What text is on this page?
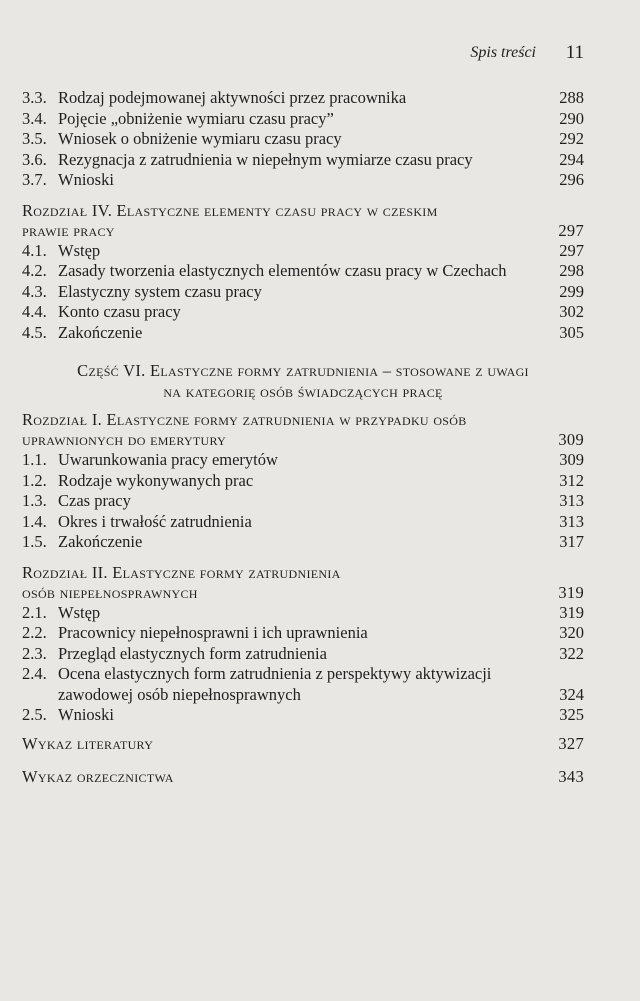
Spis treści 11
3.3. Rodzaj podejmowanej aktywności przez pracownika	288
3.4. Pojęcie „obniżenie wymiaru czasu pracy”	290
3.5. Wniosek o obniżenie wymiaru czasu pracy	292
3.6. Rezygnacja z zatrudnienia w niepełnym wymiarze czasu pracy	294
3.7. Wnioski	296
Rozdział IV. Elastyczne elementy czasu pracy w czeskim
prawie pracy	297
4.1. Wstęp	297
4.2. Zasady tworzenia elastycznych elementów czasu pracy w Czechach	298
4.3. Elastyczny system czasu pracy	299
4.4. Konto czasu pracy	302
4.5. Zakończenie	305
Część VI. Elastyczne formy zatrudnienia – stosowane z uwagi
na kategorię osób świadczących pracę
Rozdział I. Elastyczne formy zatrudnienia w przypadku osób
uprawnionych do emerytury	309
1.1. Uwarunkowania pracy emerytów	309
1.2. Rodzaje wykonywanych prac	312
1.3. Czas pracy	313
1.4. Okres i trwałość zatrudnienia	313
1.5. Zakończenie	317
Rozdział II. Elastyczne formy zatrudnienia
osób niepełnosprawnych	319
2.1. Wstęp	319
2.2. Pracownicy niepełnosprawni i ich uprawnienia	320
2.3. Przegląd elastycznych form zatrudnienia	322
2.4. Ocena elastycznych form zatrudnienia z perspektywy aktywizacji
zawodowej osób niepełnosprawnych	324
2.5. Wnioski	325
Wykaz literatury	327
Wykaz orzecznictwa	343
